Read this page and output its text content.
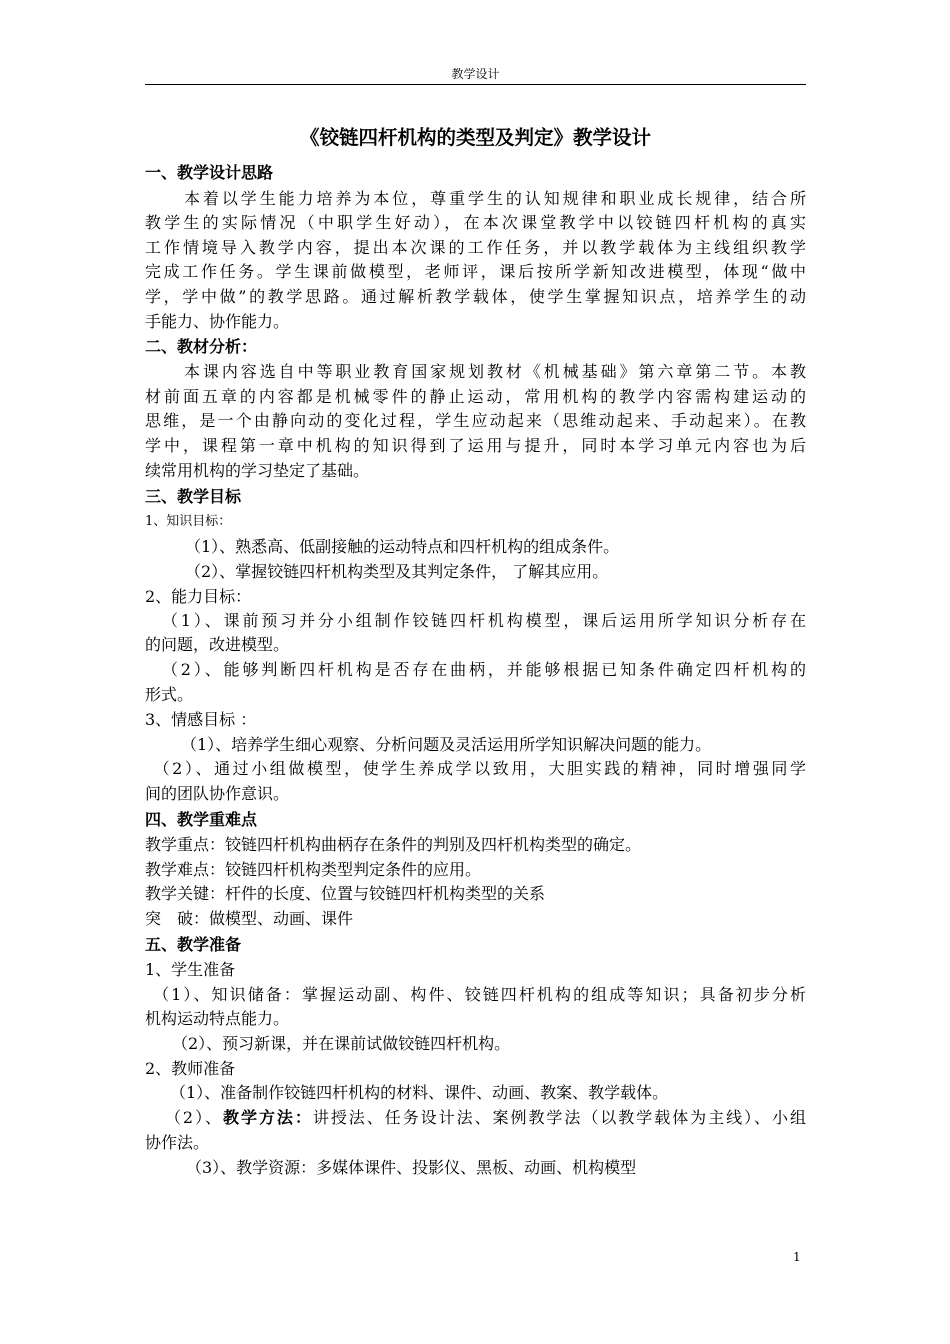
教学设计
《铰链四杆机构的类型及判定》教学设计
一、教学设计思路
本着以学生能力培养为本位，尊重学生的认知规律和职业成长规律，结合所
教学生的实际情况（中职学生好动），在本次课堂教学中以铰链四杆机构的真实
工作情境导入教学内容，提出本次课的工作任务，并以教学载体为主线组织教学
完成工作任务。学生课前做模型，老师评，课后按所学新知改进模型，体现“做中
学，学中做”的教学思路。通过解析教学载体，使学生掌握知识点，培养学生的动
手能力、协作能力。
二、教材分析：
本课内容选自中等职业教育国家规划教材《机械基础》第六章第二节。本教
材前面五章的内容都是机械零件的静止运动，常用机构的教学内容需构建运动的
思维，是一个由静向动的变化过程，学生应动起来（思维动起来、手动起来）。在教
学中，课程第一章中机构的知识得到了运用与提升，同时本学习单元内容也为后
续常用机构的学习垫定了基础。
三、教学目标
1、知识目标：
（1）、熟悉高、低副接触的运动特点和四杆机构的组成条件。
（2）、掌握铰链四杆机构类型及其判定条件， 了解其应用。
2、能力目标：
（1）、课前预习并分小组制作铰链四杆机构模型，课后运用所学知识分析存在
的问题，改进模型。
（2）、能够判断四杆机构是否存在曲柄，并能够根据已知条件确定四杆机构的
形式。
3、情感目标 ：
（1）、培养学生细心观察、分析问题及灵活运用所学知识解决问题的能力。
（2）、通过小组做模型，使学生养成学以致用，大胆实践的精神，同时增强同学
间的团队协作意识。
四、教学重难点
教学重点：铰链四杆机构曲柄存在条件的判别及四杆机构类型的确定。
教学难点：铰链四杆机构类型判定条件的应用。
教学关键：杆件的长度、位置与铰链四杆机构类型的关系
突　破：做模型、动画、课件
五、教学准备
1、学生准备
（1）、知识储备：掌握运动副、构件、铰链四杆机构的组成等知识；具备初步分析
机构运动特点能力。
（2）、预习新课，并在课前试做铰链四杆机构。
2、教师准备
（1）、准备制作铰链四杆机构的材料、课件、动画、教案、教学载体。
（2）、教学方法：讲授法、任务设计法、案例教学法（以教学载体为主线）、小组
协作法。
（3）、教学资源：多媒体课件、投影仪、黑板、动画、机构模型
1
